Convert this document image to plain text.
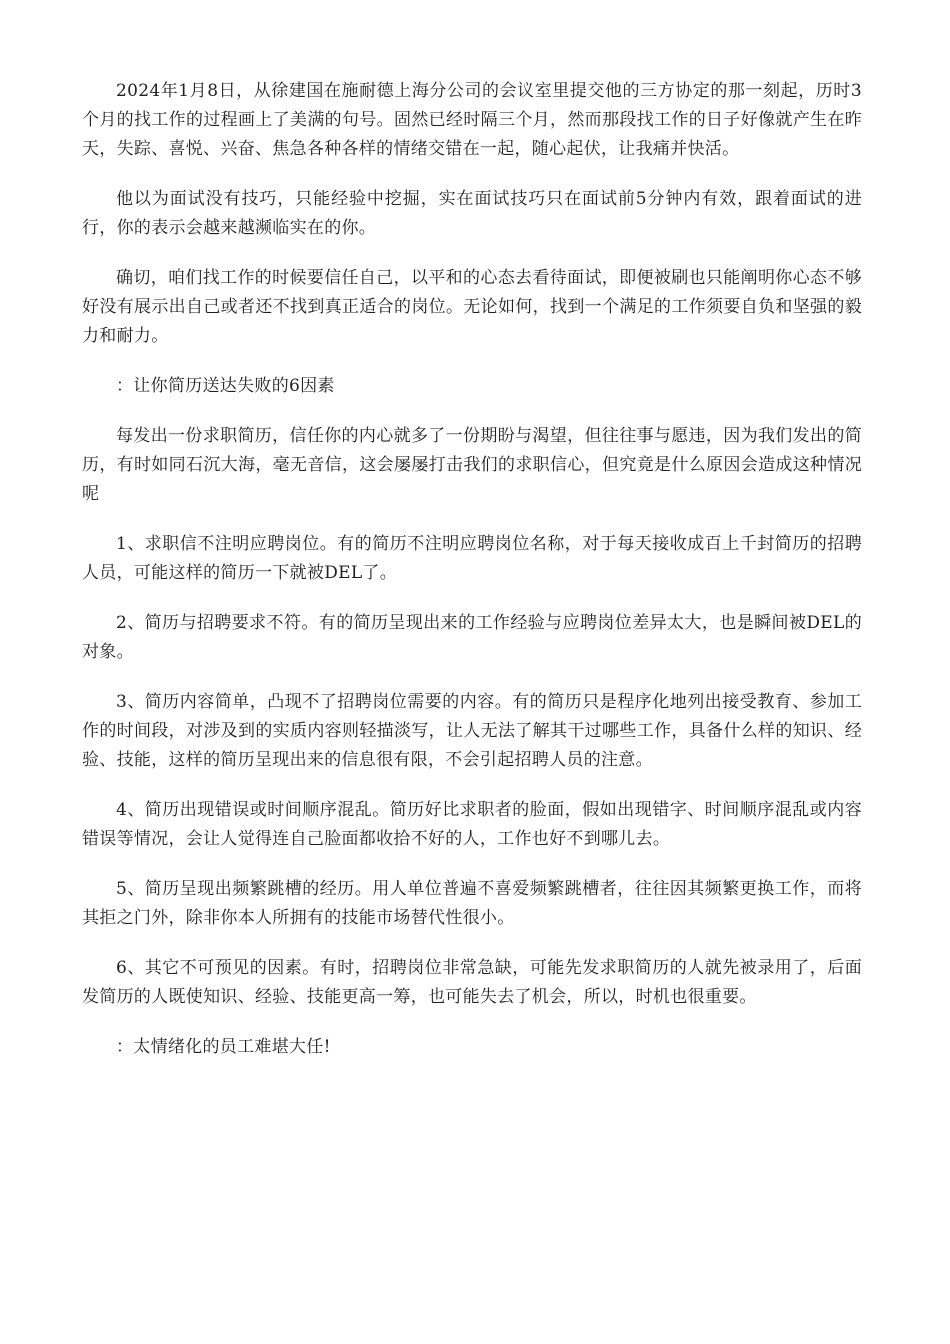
2024年1月8日，从徐建国在施耐德上海分公司的会议室里提交他的三方协定的那一刻起，历时3个月的找工作的过程画上了美满的句号。固然已经时隔三个月，然而那段找工作的日子好像就产生在昨天，失踪、喜悦、兴奋、焦急各种各样的情绪交错在一起，随心起伏，让我痛并快活。

他以为面试没有技巧，只能经验中挖掘，实在面试技巧只在面试前5分钟内有效，跟着面试的进行，你的表示会越来越濒临实在的你。

确切，咱们找工作的时候要信任自己，以平和的心态去看待面试，即便被刷也只能阐明你心态不够好没有展示出自己或者还不找到真正适合的岗位。无论如何，找到一个满足的工作须要自负和坚强的毅力和耐力。

：让你简历送达失败的6因素

每发出一份求职简历，信任你的内心就多了一份期盼与渴望，但往往事与愿违，因为我们发出的简历，有时如同石沉大海，毫无音信，这会屡屡打击我们的求职信心，但究竟是什么原因会造成这种情况呢

1、求职信不注明应聘岗位。有的简历不注明应聘岗位名称，对于每天接收成百上千封简历的招聘人员，可能这样的简历一下就被DEL了。

2、简历与招聘要求不符。有的简历呈现出来的工作经验与应聘岗位差异太大，也是瞬间被DEL的对象。

3、简历内容简单，凸现不了招聘岗位需要的内容。有的简历只是程序化地列出接受教育、参加工作的时间段，对涉及到的实质内容则轻描淡写，让人无法了解其干过哪些工作，具备什么样的知识、经验、技能，这样的简历呈现出来的信息很有限，不会引起招聘人员的注意。

4、简历出现错误或时间顺序混乱。简历好比求职者的脸面，假如出现错字、时间顺序混乱或内容错误等情况，会让人觉得连自己脸面都收拾不好的人，工作也好不到哪儿去。

5、简历呈现出频繁跳槽的经历。用人单位普遍不喜爱频繁跳槽者，往往因其频繁更换工作，而将其拒之门外，除非你本人所拥有的技能市场替代性很小。

6、其它不可预见的因素。有时，招聘岗位非常急缺，可能先发求职简历的人就先被录用了，后面发简历的人既使知识、经验、技能更高一筹，也可能失去了机会，所以，时机也很重要。

：太情绪化的员工难堪大任!
